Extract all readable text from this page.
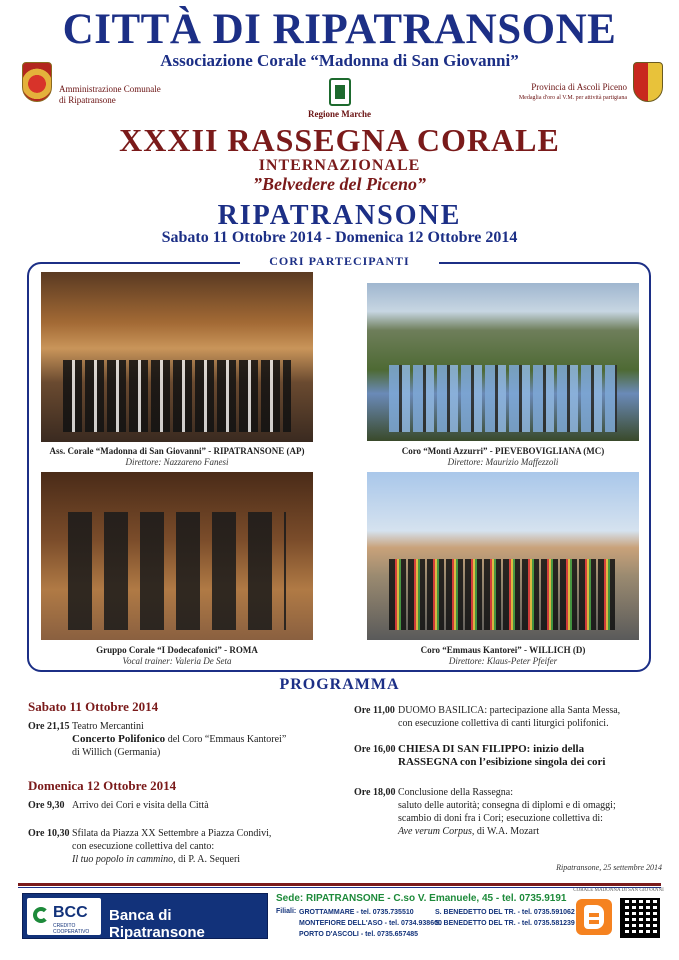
CITTÀ DI RIPATRANSONE
Associazione Corale “Madonna di San Giovanni”
Amministrazione Comunale
di Ripatransone
Regione Marche
Provincia di Ascoli Piceno
Medaglia d'oro al V.M. per attività partigiana
XXXII RASSEGNA CORALE
INTERNAZIONALE
”Belvedere del Piceno”
RIPATRANSONE
Sabato 11 Ottobre 2014 - Domenica 12 Ottobre 2014
CORI PARTECIPANTI
Ass. Corale “Madonna di San Giovanni” - RIPATRANSONE (AP)
Direttore: Nazzareno Fanesi
Coro “Monti Azzurri” - PIEVEBOVIGLIANA (MC)
Direttore: Maurizio Maffezzoli
Gruppo Corale “I Dodecafonici” - ROMA
Vocal trainer: Valeria De Seta
Coro “Emmaus Kantorei” - WILLICH (D)
Direttore: Klaus-Peter Pfeifer
PROGRAMMA
Sabato 11 Ottobre 2014
Ore 21,15 Teatro Mercantini
Concerto Polifonico del Coro “Emmaus Kantorei”
di Willich (Germania)
Domenica 12 Ottobre 2014
Ore 9,30 Arrivo dei Cori e visita della Città
Ore 10,30 Sfilata da Piazza XX Settembre a Piazza Condivi,
con esecuzione collettiva del canto:
Il tuo popolo in cammino, di P. A. Sequeri
Ore 11,00 DUOMO BASILICA: partecipazione alla Santa Messa,
con esecuzione collettiva di canti liturgici polifonici.
Ore 16,00 CHIESA DI SAN FILIPPO: inizio della
RASSEGNA con l’esibizione singola dei cori
Ore 18,00 Conclusione della Rassegna:
saluto delle autorità; consegna di diplomi e di omaggi;
scambio di doni fra i Cori; esecuzione collettiva di:
Ave verum Corpus, di W.A. Mozart
Ripatransone, 25 settembre 2014
BCC
CREDITO COOPERATIVO
Banca di Ripatransone
Sede: RIPATRANSONE - C.so V. Emanuele, 45 - tel. 0735.9191
Filiali: GROTTAMMARE - tel. 0735.735510
MONTEFIORE DELL'ASO - tel. 0734.938600
PORTO D'ASCOLI - tel. 0735.657485
S. BENEDETTO DEL TR. - tel. 0735.591062
S. BENEDETTO DEL TR. - tel. 0735.581239
CORALE MADONNA DI SAN GIOVANNI
